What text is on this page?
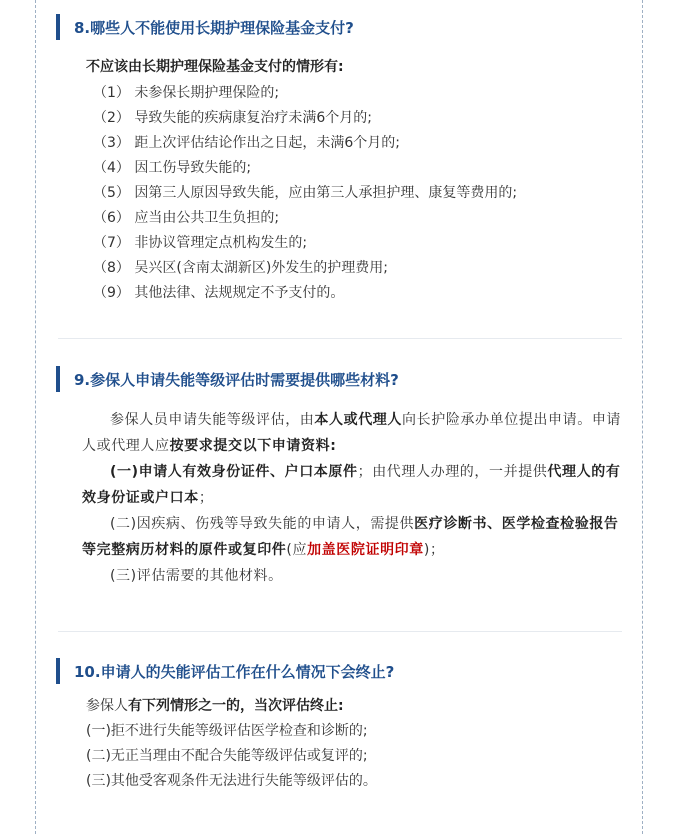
8.哪些人不能使用长期护理保险基金支付?

不应该由长期护理保险基金支付的情形有:

（1） 未参保长期护理保险的;
（2） 导致失能的疾病康复治疗未满6个月的;
（3） 距上次评估结论作出之日起，未满6个月的;
（4） 因工伤导致失能的;
（5） 因第三人原因导致失能，应由第三人承担护理、康复等费用的;
（6） 应当由公共卫生负担的;
（7） 非协议管理定点机构发生的;
（8） 吴兴区(含南太湖新区)外发生的护理费用;
（9） 其他法律、法规规定不予支付的。
9.参保人申请失能等级评估时需要提供哪些材料?

参保人员申请失能等级评估，由本人或代理人向长护险承办单位提出申请。申请人或代理人应按要求提交以下申请资料:

(一)申请人有效身份证件、户口本原件；由代理人办理的，一并提供代理人的有效身份证或户口本；

(二)因疾病、伤残等导致失能的申请人，需提供医疗诊断书、医学检查检验报告等完整病历材料的原件或复印件(应加盖医院证明印章)；

(三)评估需要的其他材料。

10.申请人的失能评估工作在什么情况下会终止?

参保人有下列情形之一的，当次评估终止:

(一)拒不进行失能等级评估医学检查和诊断的;
(二)无正当理由不配合失能等级评估或复评的;
(三)其他受客观条件无法进行失能等级评估的。
